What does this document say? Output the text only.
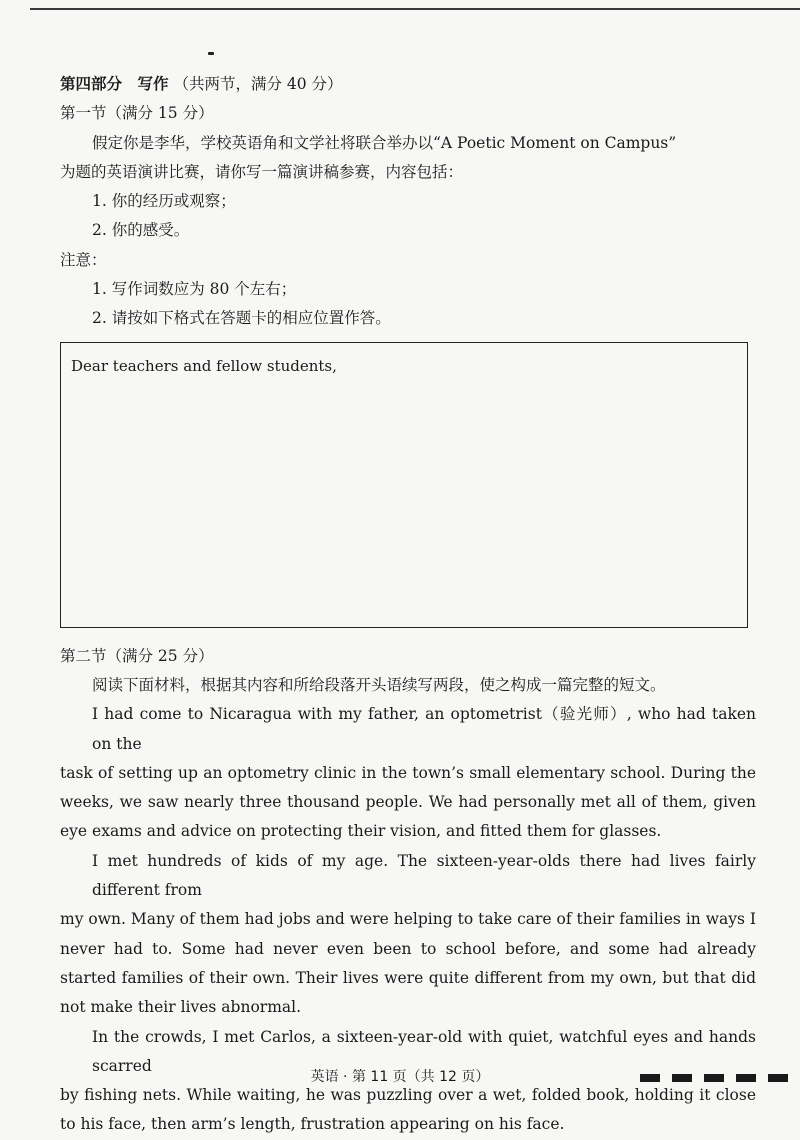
第四部分　写作 （共两节，满分 40 分）
第一节（满分 15 分）
假定你是李华，学校英语角和文学社将联合举办以“A Poetic Moment on Campus”
为题的英语演讲比赛，请你写一篇演讲稿参赛，内容包括：
1. 你的经历或观察；
2. 你的感受。
注意：
1. 写作词数应为 80 个左右；
2. 请按如下格式在答题卡的相应位置作答。
Dear teachers and fellow students,
第二节（满分 25 分）
阅读下面材料，根据其内容和所给段落开头语续写两段，使之构成一篇完整的短文。
I had come to Nicaragua with my father, an optometrist（验光师）, who had taken on the
task of setting up an optometry clinic in the town’s small elementary school. During the weeks, we saw nearly three thousand people. We had personally met all of them, given eye exams and advice on protecting their vision, and fitted them for glasses.
I met hundreds of kids of my age. The sixteen-year-olds there had lives fairly different from
my own. Many of them had jobs and were helping to take care of their families in ways I never had to. Some had never even been to school before, and some had already started families of their own. Their lives were quite different from my own, but that did not make their lives abnormal.
In the crowds, I met Carlos, a sixteen-year-old with quiet, watchful eyes and hands scarred
by fishing nets. While waiting, he was puzzling over a wet, folded book, holding it close to his face, then arm’s length, frustration appearing on his face.
英语 · 第 11 页（共 12 页）
